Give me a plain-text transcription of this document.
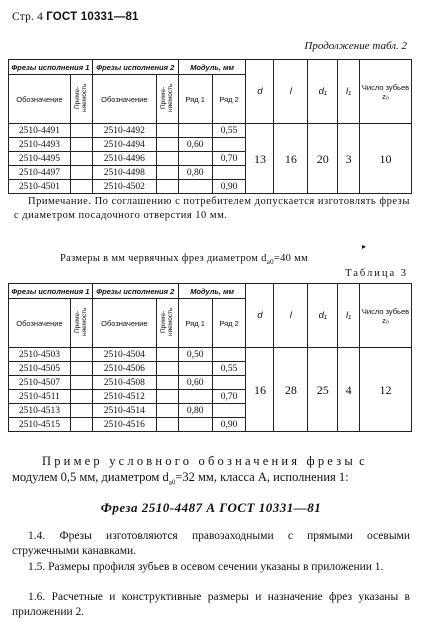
Стр. 4 ГОСТ 10331—81
Продолжение табл. 2
Фрезы исполнения 1		Фрезы исполнения 2		Модуль, мм		d	l	d₁	l₁	Число зубьев z₀
Обозначение	Приме-няемость	Обозначение	Приме-няемость	Ряд 1	Ряд 2					
2510-4491		2510-4492			0,55	13	16	20	3	10
2510-4493		2510-4494		0,60						
2510-4495		2510-4496			0,70					
2510-4497		2510-4498		0,80						
2510-4501		2510-4502			0,90					
Примечание. По соглашению с потребителем допускается изготовлять фрезы с диаметром посадочного отверстия 10 мм.
▸
Размеры в мм червячных фрез диаметром $d_{a0}=40$ мм
Таблица 3
Фрезы исполнения 1		Фрезы исполнения 2		Модуль, мм		d	l	d₁	l₁	Число зубьев z₀
Обозначение	Приме-няемость	Обозначение	Приме-няемость	Ряд 1	Ряд 2					
2510-4503		2510-4504		0,50		16	28	25	4	12
2510-4505		2510-4506			0,55					
2510-4507		2510-4508		0,60						
2510-4511		2510-4512			0,70					
2510-4513		2510-4514		0,80						
2510-4515		2510-4516			0,90					
Пример условного обозначения фрезы с модулем 0,5 мм, диаметром $d_{a0}=32$ мм, класса А, исполнения 1:
Фреза 2510-4487 А ГОСТ 10331—81
1.4. Фрезы изготовляются правозаходными с прямыми осевыми стружечными канавками.
1.5. Размеры профиля зубьев в осевом сечении указаны в приложении 1.
1.6. Расчетные и конструктивные размеры и назначение фрез указаны в приложении 2.
